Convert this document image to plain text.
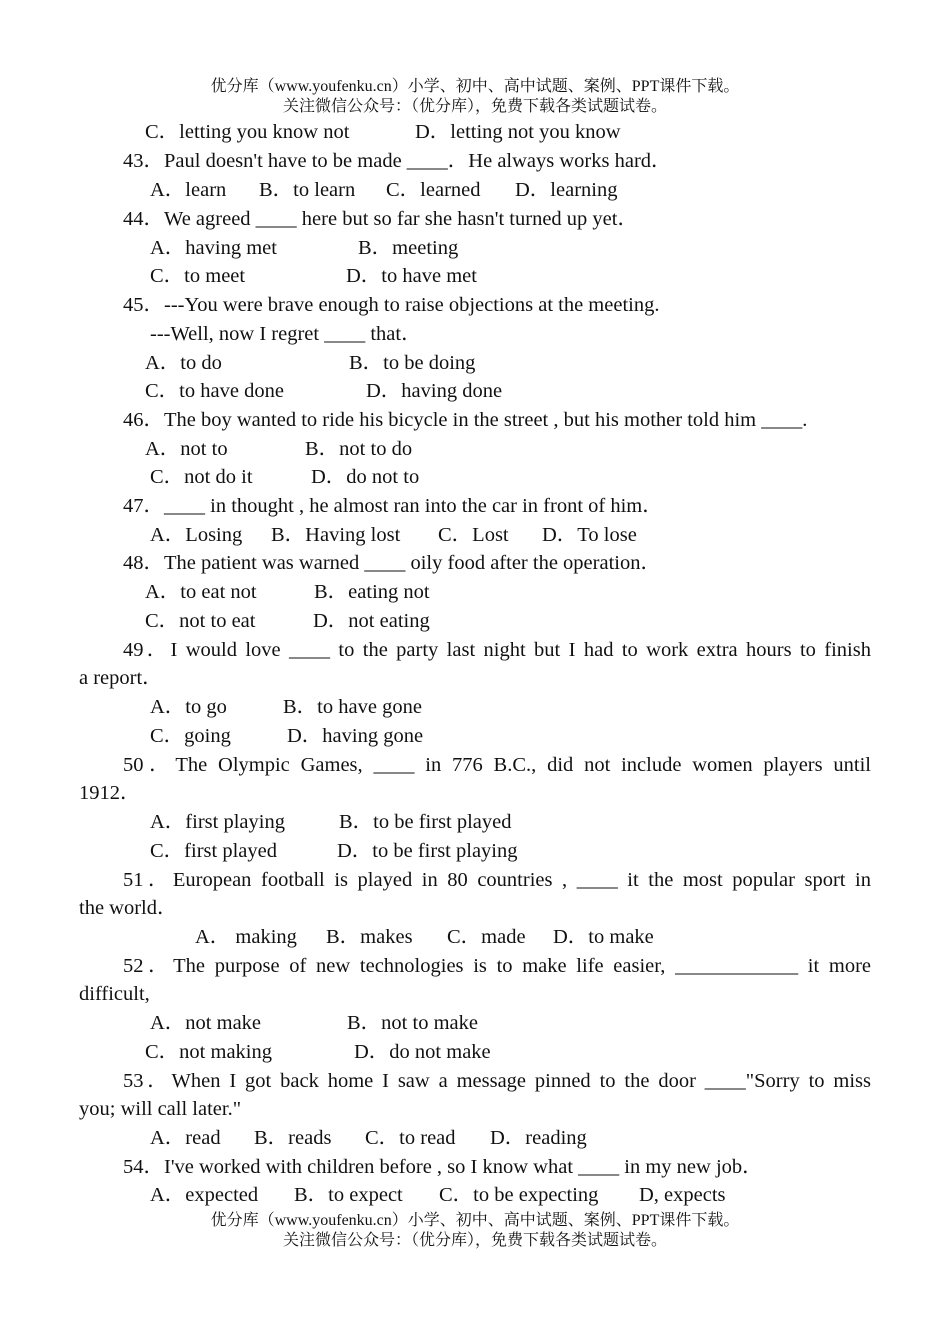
优分库（www.youfenku.cn）小学、初中、高中试题、案例、PPT课件下载。
关注微信公众号：（优分库），免费下载各类试题试卷。
C．letting you know not	D．letting not you know
43．Paul doesn't have to be made ____．He always works hard．
A．learn B．to learn C．learned D．learning
44．We agreed ____ here but so far she hasn't turned up yet．
A．having met	B．meeting
C．to meet	D．to have met
45．---You were brave enough to raise objections at the meeting.
---Well, now I regret ____ that．
A．to do	B．to be doing
C．to have done	D．having done
46．The boy wanted to ride his bicycle in the street , but his mother told him ____.
A．not to	B．not to do
C．not do it	D．do not to
47．____ in thought , he almost ran into the car in front of him．
A．Losing B．Having lost C．Lost D．To lose
48．The patient was warned ____ oily food after the operation．
A．to eat not	B．eating not
C．not to eat	D．not eating
49．I would love ____ to the party last night but I had to work extra hours to finish
a report．
A．to go	B．to have gone
C．going	D．having gone
50．The Olympic Games, ____ in 776 B.C., did not include women players until
1912．
A．first playing	B．to be first played
C．first played	D．to be first playing
51．European football is played in 80 countries , ____ it the most popular sport in
the world．
A． making B．makes C．made D．to make
52．The purpose of new technologies is to make life easier, ____________ it more
difficult,
A．not make	B．not to make
C．not making	D．do not make
53．When I got back home I saw a message pinned to the door ____"Sorry to miss
you; will call later."
A．read B．reads C．to read D．reading
54．I've worked with children before , so I know what ____ in my new job．
A．expected B．to expect C．to be expecting D, expects
优分库（www.youfenku.cn）小学、初中、高中试题、案例、PPT课件下载。
关注微信公众号：（优分库），免费下载各类试题试卷。
